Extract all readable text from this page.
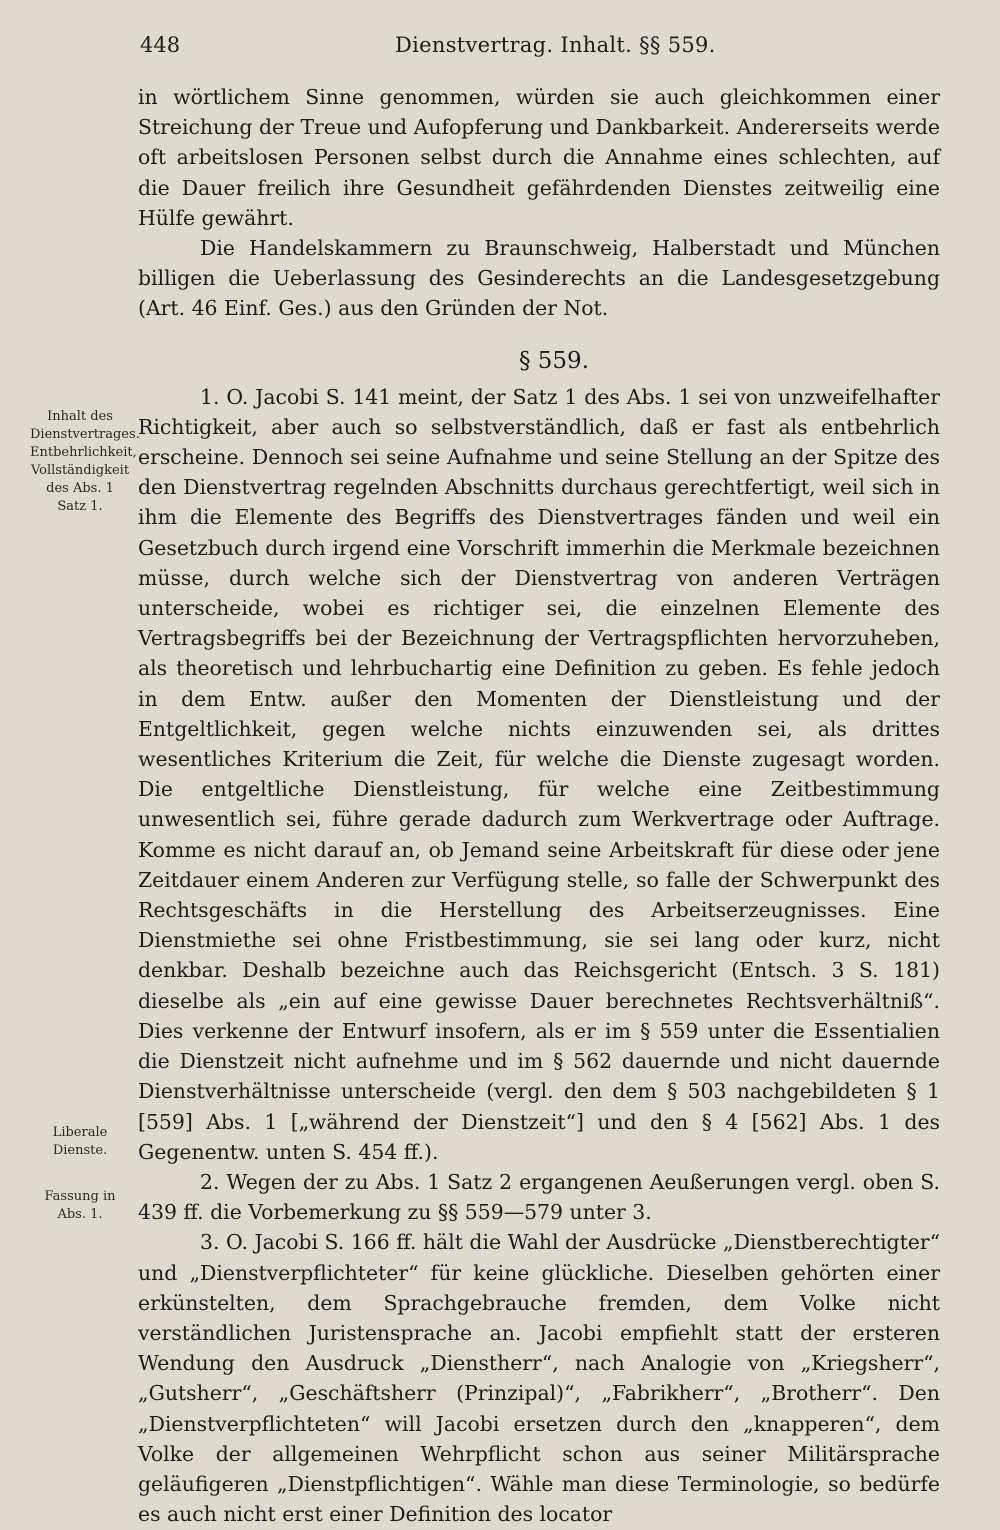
448	Dienstvertrag. Inhalt. §§ 559.

in wörtlichem Sinne genommen, würden sie auch gleichkommen einer Streichung der Treue und Aufopferung und Dankbarkeit. Andererseits werde oft arbeitslosen Personen selbst durch die Annahme eines schlechten, auf die Dauer freilich ihre Gesundheit gefährdenden Dienstes zeitweilig eine Hülfe gewährt.

Die Handelskammern zu Braunschweig, Halberstadt und München billigen die Ueberlassung des Gesinderechts an die Landesgesetzgebung (Art. 46 Einf. Ges.) aus den Gründen der Not.

§ 559.

1. O. Jacobi S. 141 meint, der Satz 1 des Abs. 1 sei von unzweifelhafter Richtigkeit, aber auch so selbstverständlich, daß er fast als entbehrlich erscheine. Dennoch sei seine Aufnahme und seine Stellung an der Spitze des den Dienstvertrag regelnden Abschnitts durchaus gerechtfertigt, weil sich in ihm die Elemente des Begriffs des Dienstvertrages fänden und weil ein Gesetzbuch durch irgend eine Vorschrift immerhin die Merkmale bezeichnen müsse, durch welche sich der Dienstvertrag von anderen Verträgen unterscheide, wobei es richtiger sei, die einzelnen Elemente des Vertragsbegriffs bei der Bezeichnung der Vertragspflichten hervorzuheben, als theoretisch und lehrbuchartig eine Definition zu geben. Es fehle jedoch in dem Entw. außer den Momenten der Dienstleistung und der Entgeltlichkeit, gegen welche nichts einzuwenden sei, als drittes wesentliches Kriterium die Zeit, für welche die Dienste zugesagt worden. Die entgeltliche Dienstleistung, für welche eine Zeitbestimmung unwesentlich sei, führe gerade dadurch zum Werkvertrage oder Auftrage. Komme es nicht darauf an, ob Jemand seine Arbeitskraft für diese oder jene Zeitdauer einem Anderen zur Verfügung stelle, so falle der Schwerpunkt des Rechtsgeschäfts in die Herstellung des Arbeitserzeugnisses. Eine Dienstmiethe sei ohne Fristbestimmung, sie sei lang oder kurz, nicht denkbar. Deshalb bezeichne auch das Reichsgericht (Entsch. 3 S. 181) dieselbe als „ein auf eine gewisse Dauer berechnetes Rechtsverhältniß“. Dies verkenne der Entwurf insofern, als er im § 559 unter die Essentialien die Dienstzeit nicht aufnehme und im § 562 dauernde und nicht dauernde Dienstverhältnisse unterscheide (vergl. den dem § 503 nachgebildeten § 1 [559] Abs. 1 [„während der Dienstzeit“] und den § 4 [562] Abs. 1 des Gegenentw. unten S. 454 ff.).

2. Wegen der zu Abs. 1 Satz 2 ergangenen Aeußerungen vergl. oben S. 439 ff. die Vorbemerkung zu §§ 559—579 unter 3.

3. O. Jacobi S. 166 ff. hält die Wahl der Ausdrücke „Dienstberechtigter“ und „Dienstverpflichteter“ für keine glückliche. Dieselben gehörten einer erkünstelten, dem Sprachgebrauche fremden, dem Volke nicht verständlichen Juristensprache an. Jacobi empfiehlt statt der ersteren Wendung den Ausdruck „Dienstherr“, nach Analogie von „Kriegsherr“, „Gutsherr“, „Geschäftsherr (Prinzipal)“, „Fabrikherr“, „Brotherr“. Den „Dienstverpflichteten“ will Jacobi ersetzen durch den „knapperen“, dem Volke der allgemeinen Wehrpflicht schon aus seiner Militärsprache geläufigeren „Dienstpflichtigen“. Wähle man diese Terminologie, so bedürfe es auch nicht erst einer Definition des locator

Inhalt des Dienstvertrages. Entbehrlichkeit, Vollständigkeit des Abs. 1 Satz 1.
Liberale Dienste.
Fassung in Abs. 1.
